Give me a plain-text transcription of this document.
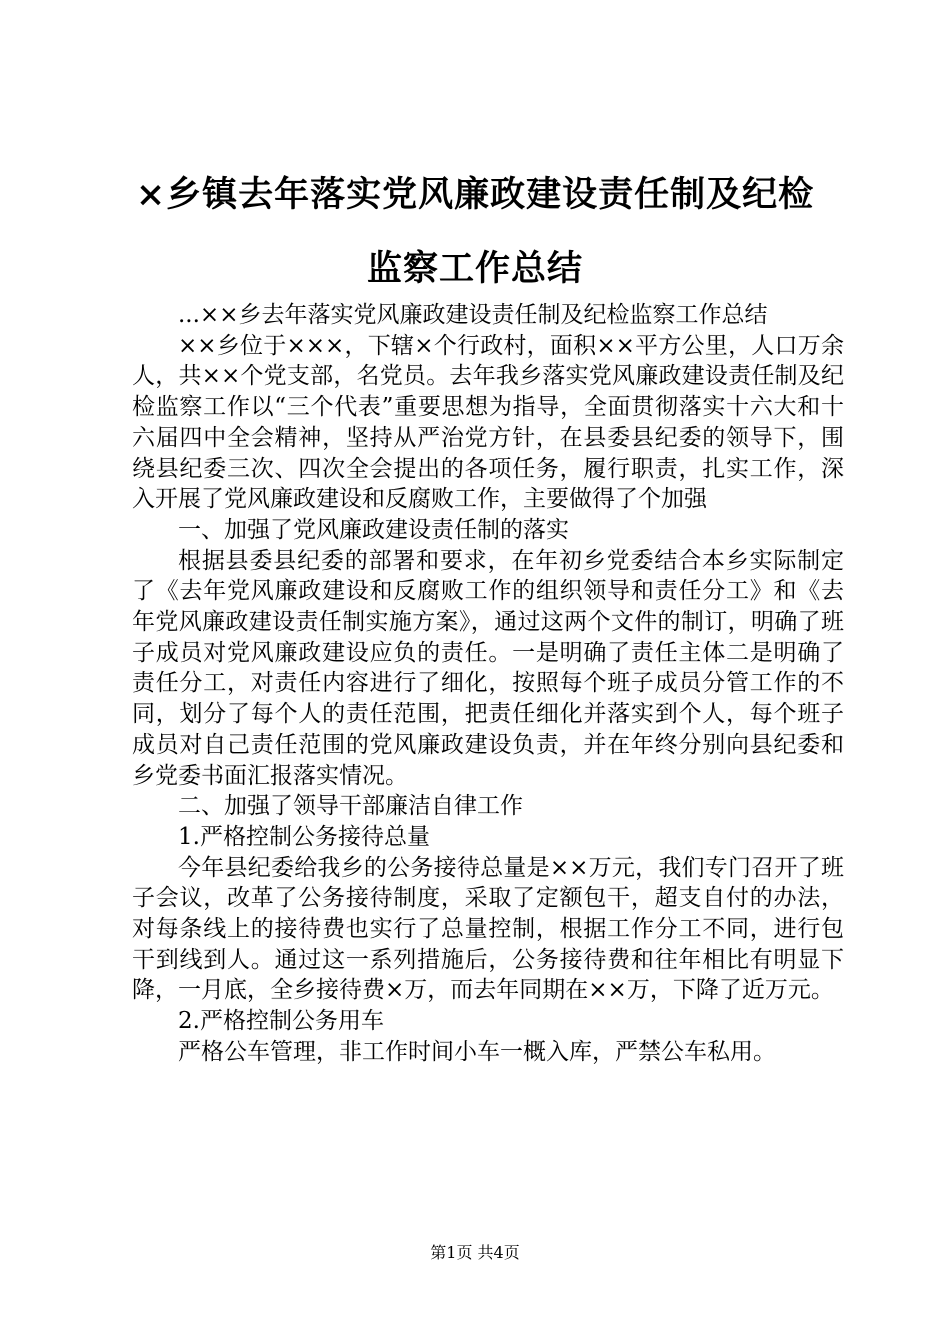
×乡镇去年落实党风廉政建设责任制及纪检监察工作总结

...××乡去年落实党风廉政建设责任制及纪检监察工作总结

××乡位于×××，下辖×个行政村，面积××平方公里，人口万余人，共××个党支部，名党员。去年我乡落实党风廉政建设责任制及纪检监察工作以“三个代表”重要思想为指导，全面贯彻落实十六大和十六届四中全会精神，坚持从严治党方针，在县委县纪委的领导下，围绕县纪委三次、四次全会提出的各项任务，履行职责，扎实工作，深入开展了党风廉政建设和反腐败工作，主要做得了个加强

一、加强了党风廉政建设责任制的落实

根据县委县纪委的部署和要求，在年初乡党委结合本乡实际制定了《去年党风廉政建设和反腐败工作的组织领导和责任分工》和《去年党风廉政建设责任制实施方案》，通过这两个文件的制订，明确了班子成员对党风廉政建设应负的责任。一是明确了责任主体二是明确了责任分工，对责任内容进行了细化，按照每个班子成员分管工作的不同，划分了每个人的责任范围，把责任细化并落实到个人，每个班子成员对自己责任范围的党风廉政建设负责，并在年终分别向县纪委和乡党委书面汇报落实情况。

二、加强了领导干部廉洁自律工作

1.严格控制公务接待总量

今年县纪委给我乡的公务接待总量是××万元，我们专门召开了班子会议，改革了公务接待制度，采取了定额包干，超支自付的办法，对每条线上的接待费也实行了总量控制，根据工作分工不同，进行包干到线到人。通过这一系列措施后，公务接待费和往年相比有明显下降，一月底，全乡接待费×万，而去年同期在××万，下降了近万元。

2.严格控制公务用车

严格公车管理，非工作时间小车一概入库，严禁公车私用。

第1页 共4页
